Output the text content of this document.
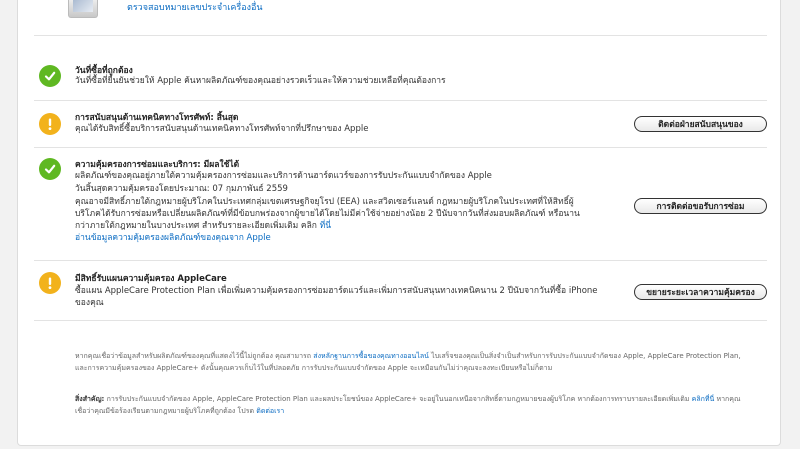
ตรวจสอบหมายเลขประจำเครื่องอื่น
วันที่ซื้อที่ถูกต้อง
วันที่ซื้อที่ยืนยันช่วยให้ Apple ค้นหาผลิตภัณฑ์ของคุณอย่างรวดเร็วและให้ความช่วยเหลือที่คุณต้องการ
การสนับสนุนด้านเทคนิคทางโทรศัพท์: สิ้นสุด
คุณได้รับสิทธิ์ซื้อบริการสนับสนุนด้านเทคนิคทางโทรศัพท์จากที่ปรึกษาของ Apple	ติดต่อฝ่ายสนับสนุนของ
ความคุ้มครองการซ่อมและบริการ: มีผลใช้ได้
ผลิตภัณฑ์ของคุณอยู่ภายใต้ความคุ้มครองการซ่อมและบริการด้านฮาร์ดแวร์ของการรับประกันแบบจำกัดของ Apple
วันสิ้นสุดความคุ้มครองโดยประมาณ: 07 กุมภาพันธ์ 2559
คุณอาจมีสิทธิ์ภายใต้กฎหมายผู้บริโภคในประเทศกลุ่มเขตเศรษฐกิจยุโรป (EEA) และสวิตเซอร์แลนด์ กฎหมายผู้บริโภคในประเทศที่ให้สิทธิ์ผู้
บริโภคได้รับการซ่อมหรือเปลี่ยนผลิตภัณฑ์ที่มีข้อบกพร่องจากผู้ขายได้โดยไม่มีค่าใช้จ่ายอย่างน้อย 2 ปีนับจากวันที่ส่งมอบผลิตภัณฑ์ หรือนาน
กว่าภายใต้กฎหมายในบางประเทศ สำหรับรายละเอียดเพิ่มเติม คลิก ที่นี่
อ่านข้อมูลความคุ้มครองผลิตภัณฑ์ของคุณจาก Apple
การติดต่อขอรับการซ่อม
มีสิทธิ์รับแผนความคุ้มครอง AppleCare
ซื้อแผน AppleCare Protection Plan เพื่อเพิ่มความคุ้มครองการซ่อมฮาร์ดแวร์และเพิ่มการสนับสนุนทางเทคนิคนาน 2 ปีนับจากวันที่ซื้อ iPhone
ของคุณ
ขยายระยะเวลาความคุ้มครอง
หากคุณเชื่อว่าข้อมูลสำหรับผลิตภัณฑ์ของคุณที่แสดงไว้นี้ไม่ถูกต้อง คุณสามารถ ส่งหลักฐานการซื้อของคุณทางออนไลน์ ไบเสร็จของคุณเป็นสิ่งจำเป็นสำหรับการรับประกันแบบจำกัดของ Apple, AppleCare Protection Plan,
และการความคุ้มครองของ AppleCare+ ดังนั้นคุณควรเก็บไว้ในที่ปลอดภัย การรับประกันแบบจำกัดของ Apple จะเหมือนกันไม่ว่าคุณจะลงทะเบียนหรือไม่ก็ตาม
สิ่งสำคัญ: การรับประกันแบบจำกัดของ Apple, AppleCare Protection Plan และผลประโยชน์ของ AppleCare+ จะอยู่ในนอกเหนือจากสิทธิ์ตามกฎหมายของผู้บริโภค หากต้องการทราบรายละเอียดเพิ่มเติม คลิกที่นี่ หากคุณ
เชื่อว่าคุณมีข้อร้องเรียนตามกฎหมายผู้บริโภคที่ถูกต้อง โปรด ติดต่อเรา
